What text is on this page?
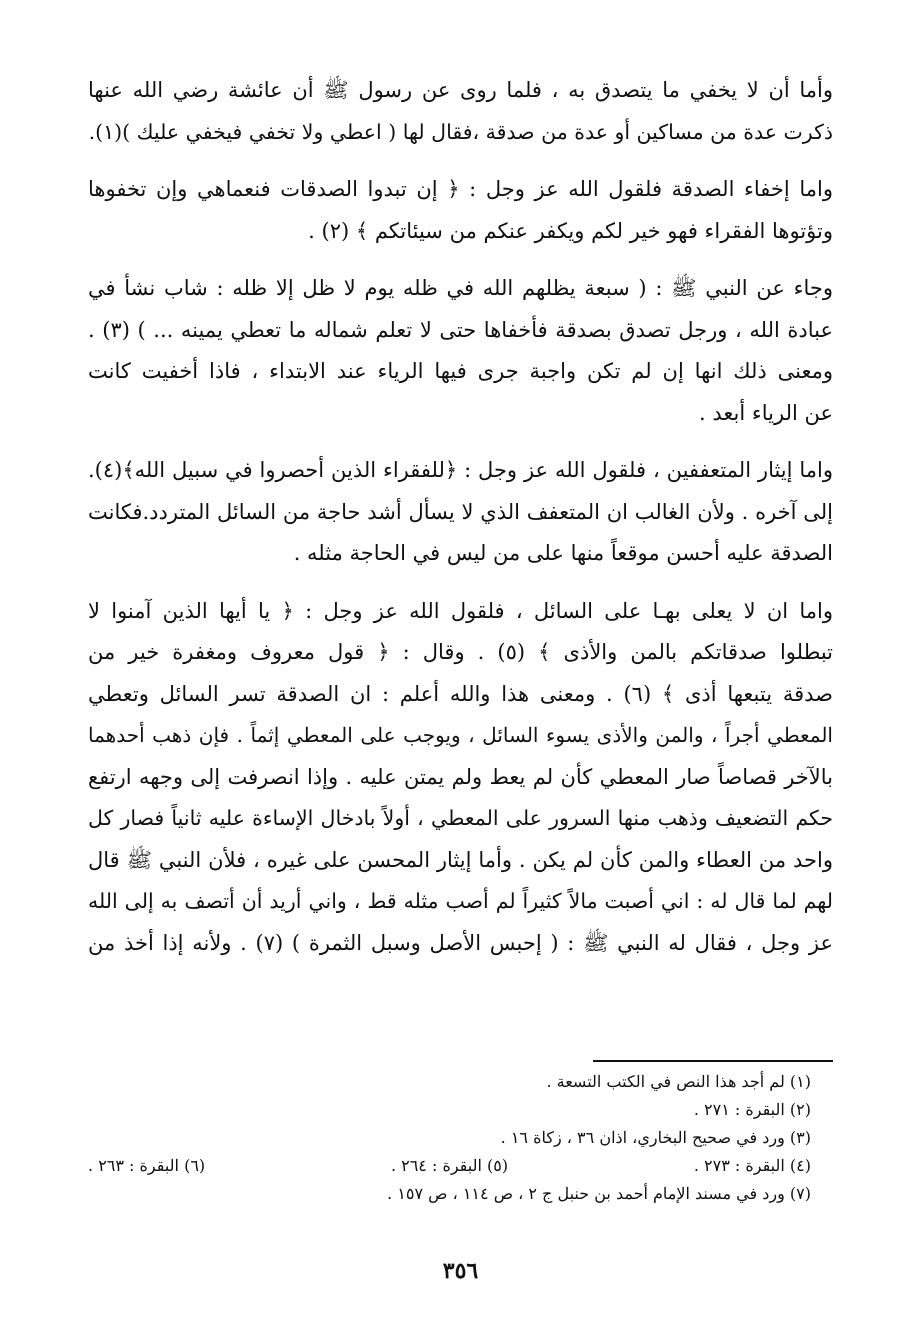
وأما أن لا يخفي ما يتصدق به ، فلما روى عن رسول ﷺ أن عائشة رضي الله عنها
ذكرت عدة من مساكين أو عدة من صدقة ،فقال لها ( اعطي ولا تخفي فيخفي عليك )(١).

واما إخفاء الصدقة فلقول الله عز وجل : ﴿ إن تبدوا الصدقات فنعماهي وإن تخفوها
وتؤتوها الفقراء فهو خير لكم ويكفر عنكم من سيئاتكم ﴾ (٢) .

وجاء عن النبي ﷺ : ( سبعة يظلهم الله في ظله يوم لا ظل إلا ظله : شاب نشأ في
عبادة الله ، ورجل تصدق بصدقة فأخفاها حتى لا تعلم شماله ما تعطي يمينه ... ) (٣) .
ومعنى ذلك انها إن لم تكن واجبة جرى فيها الرياء عند الابتداء ، فاذا أخفيت كانت
عن الرياء أبعد .

واما إيثار المتعففين ، فلقول الله عز وجل : ﴿للفقراء الذين أحصروا في سبيل الله﴾(٤).
إلى آخره . ولأن الغالب ان المتعفف الذي لا يسأل أشد حاجة من السائل المتردد.فكانت
الصدقة عليه أحسن موقعاً منها على من ليس في الحاجة مثله .

واما ان لا يعلى بهـا على السائل ، فلقول الله عز وجل : ﴿ يا أيها الذين آمنوا لا
تبطلوا صدقاتكم بالمن والأذى ﴾ (٥) . وقال : ﴿ قول معروف ومغفرة خير من
صدقة يتبعها أذى ﴾ (٦) . ومعنى هذا والله أعلم : ان الصدقة تسر السائل وتعطي
المعطي أجراً ، والمن والأذى يسوء السائل ، ويوجب على المعطي إثماً . فإن ذهب أحدهما
بالآخر قصاصاً صار المعطي كأن لم يعط ولم يمتن عليه . وإذا انصرفت إلى وجهه ارتفع
حكم التضعيف وذهب منها السرور على المعطي ، أولاً بادخال الإساءة عليه ثانياً فصار كل
واحد من العطاء والمن كأن لم يكن . وأما إيثار المحسن على غيره ، فلأن النبي ﷺ قال
لهم لما قال له : اني أصبت مالاً كثيراً لم أصب مثله قط ، واني أريد أن أتصف به إلى الله
عز وجل ، فقال له النبي ﷺ : ( إحبس الأصل وسبل الثمرة ) (٧) . ولأنه إذا أخذ من

(١) لم أجد هذا النص في الكتب التسعة .
(٢) البقرة : ٢٧١ .
(٣) ورد في صحيح البخاري، اذان ٣٦ ، زكاة ١٦ .
(٤) البقرة : ٢٧٣ .
(٥) البقرة : ٢٦٤ .
(٦) البقرة : ٢٦٣ .
(٧) ورد في مسند الإمام أحمد بن حنبل ج ٢ ، ص ١١٤ ، ص ١٥٧ .
٣٥٦
